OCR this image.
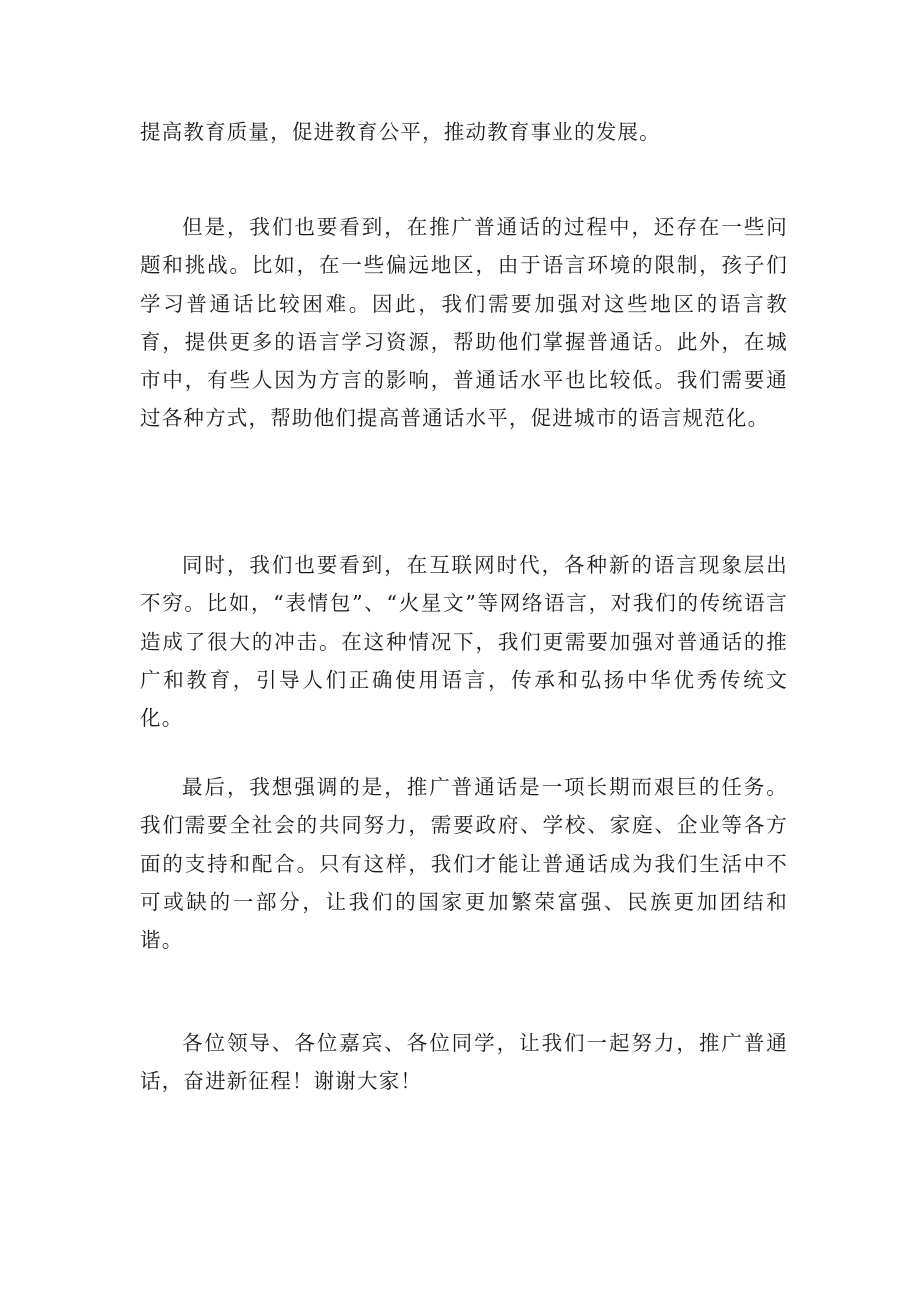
提高教育质量，促进教育公平，推动教育事业的发展。

但是，我们也要看到，在推广普通话的过程中，还存在一些问题和挑战。比如，在一些偏远地区，由于语言环境的限制，孩子们学习普通话比较困难。因此，我们需要加强对这些地区的语言教育，提供更多的语言学习资源，帮助他们掌握普通话。此外，在城市中，有些人因为方言的影响，普通话水平也比较低。我们需要通过各种方式，帮助他们提高普通话水平，促进城市的语言规范化。

同时，我们也要看到，在互联网时代，各种新的语言现象层出不穷。比如，“表情包”、“火星文”等网络语言，对我们的传统语言造成了很大的冲击。在这种情况下，我们更需要加强对普通话的推广和教育，引导人们正确使用语言，传承和弘扬中华优秀传统文化。

最后，我想强调的是，推广普通话是一项长期而艰巨的任务。我们需要全社会的共同努力，需要政府、学校、家庭、企业等各方面的支持和配合。只有这样，我们才能让普通话成为我们生活中不可或缺的一部分，让我们的国家更加繁荣富强、民族更加团结和谐。

各位领导、各位嘉宾、各位同学，让我们一起努力，推广普通话，奋进新征程！谢谢大家！
